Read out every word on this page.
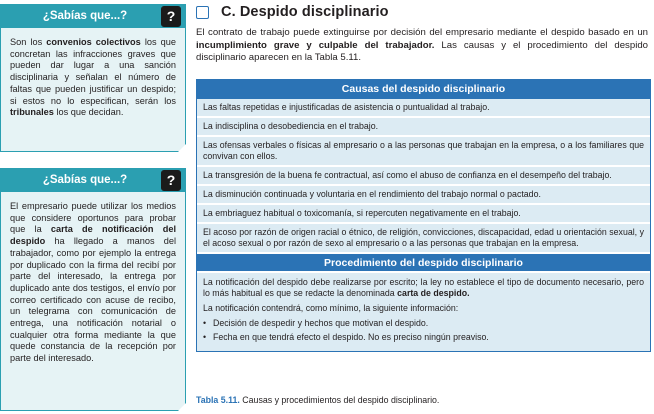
¿Sabías que...?	?
Son los convenios colectivos los que concretan las infracciones graves que pueden dar lugar a una sanción disciplinaria y señalan el número de faltas que pueden justificar un despido; si estos no lo especifican, serán los tribunales los que decidan.
¿Sabías que...?	?
El empresario puede utilizar los medios que considere oportunos para probar que la carta de notificación del despido ha llegado a manos del trabajador, como por ejemplo la entrega por duplicado con la firma del recibí por parte del interesado, la entrega por duplicado ante dos testigos, el envío por correo certificado con acuse de recibo, un telegrama con comunicación de entrega, una notificación notarial o cualquier otra forma mediante la que quede constancia de la recepción por parte del interesado.
C. Despido disciplinario
El contrato de trabajo puede extinguirse por decisión del empresario mediante el despido basado en un incumplimiento grave y culpable del trabajador. Las causas y el procedimiento del despido disciplinario aparecen en la Tabla 5.11.
Causas del despido disciplinario
Las faltas repetidas e injustificadas de asistencia o puntualidad al trabajo.
La indisciplina o desobediencia en el trabajo.
Las ofensas verbales o físicas al empresario o a las personas que trabajan en la empresa, o a los familiares que convivan con ellos.
La transgresión de la buena fe contractual, así como el abuso de confianza en el desempeño del trabajo.
La disminución continuada y voluntaria en el rendimiento del trabajo normal o pactado.
La embriaguez habitual o toxicomanía, si repercuten negativamente en el trabajo.
El acoso por razón de origen racial o étnico, de religión, convicciones, discapacidad, edad u orientación sexual, y el acoso sexual o por razón de sexo al empresario o a las personas que trabajan en la empresa.
Procedimiento del despido disciplinario

La notificación del despido debe realizarse por escrito; la ley no establece el tipo de documento necesario, pero lo más habitual es que se redacte la denominada carta de despido.

La notificación contendrá, como mínimo, la siguiente información:

• Decisión de despedir y hechos que motivan el despido.
• Fecha en que tendrá efecto el despido. No es preciso ningún preaviso.
Tabla 5.11. Causas y procedimientos del despido disciplinario.
